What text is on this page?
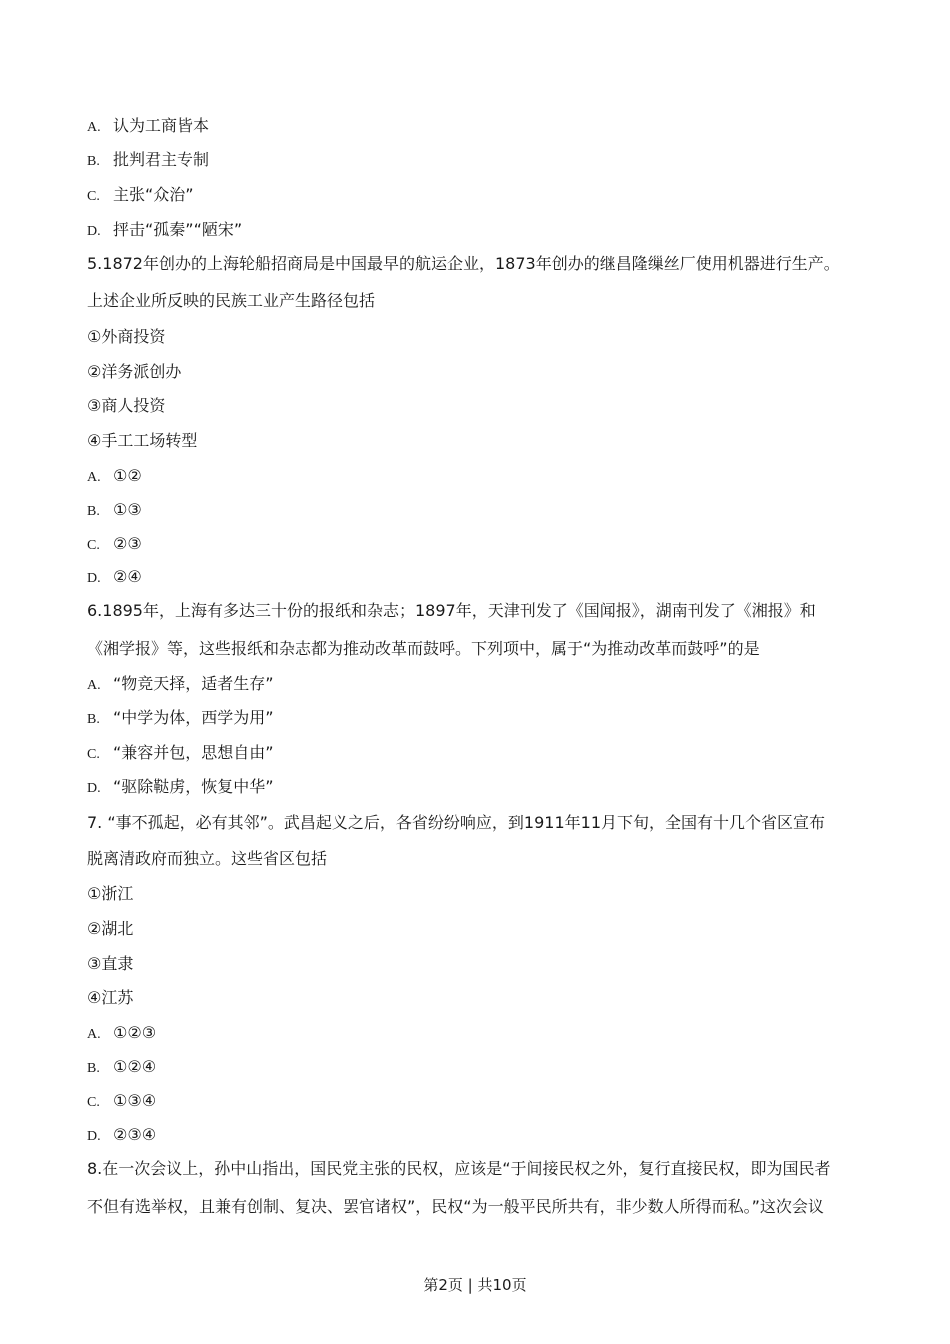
A. 认为工商皆本
B. 批判君主专制
C. 主张“众治”
D. 抨击“孤秦”“陋宋”
5.1872年创办的上海轮船招商局是中国最早的航运企业，1873年创办的继昌隆缫丝厂使用机器进行生产。
上述企业所反映的民族工业产生路径包括
①外商投资
②洋务派创办
③商人投资
④手工工场转型
A. ①②
B. ①③
C. ②③
D. ②④
6.1895年，上海有多达三十份的报纸和杂志；1897年，天津刊发了《国闻报》，湖南刊发了《湘报》和
《湘学报》等，这些报纸和杂志都为推动改革而鼓呼。下列项中，属于“为推动改革而鼓呼”的是
A. “物竞天择，适者生存”
B. “中学为体，西学为用”
C. “兼容并包，思想自由”
D. “驱除鞑虏，恢复中华”
7. “事不孤起，必有其邻”。武昌起义之后，各省纷纷响应，到1911年11月下旬，全国有十几个省区宣布
脱离清政府而独立。这些省区包括
①浙江
②湖北
③直隶
④江苏
A. ①②③
B. ①②④
C. ①③④
D. ②③④
8.在一次会议上，孙中山指出，国民党主张的民权，应该是“于间接民权之外，复行直接民权，即为国民者
不但有选举权，且兼有创制、复决、罢官诸权”，民权“为一般平民所共有，非少数人所得而私。”这次会议
第2页 | 共10页
